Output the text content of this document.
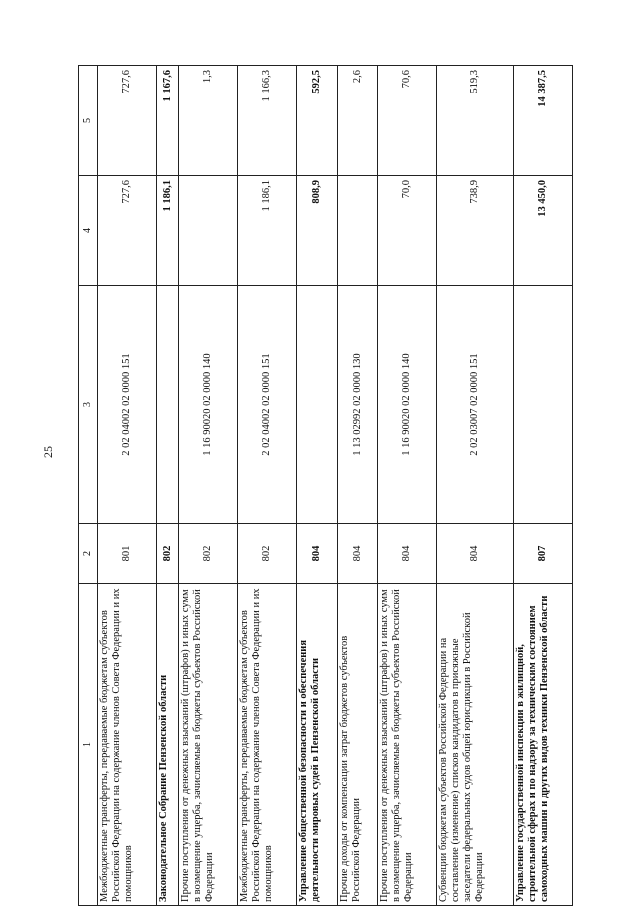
25
1	2	3	4	5
Межбюджетные трансферты, передаваемые бюджетам субъектов Российской Федерации на содержание членов Совета Федерации и их помощников	801	2 02 04002 02 0000 151	727,6	727,6
Законодательное Собрание Пензенской области	802		1 186,1	1 167,6
Прочие поступления от денежных взысканий (штрафов) и иных сумм в возмещение ущерба, зачисляемые в бюджеты субъектов Российской Федерации	802	1 16 90020 02 0000 140		1,3
Межбюджетные трансферты, передаваемые бюджетам субъектов Российской Федерации на содержание членов Совета Федерации и их помощников	802	2 02 04002 02 0000 151	1 186,1	1 166,3
Управление общественной безопасности и обеспечения деятельности мировых судей в Пензенской области	804		808,9	592,5
Прочие доходы от компенсации затрат бюджетов субъектов Российской Федерации	804	1 13 02992 02 0000 130		2,6
Прочие поступления от денежных взысканий (штрафов) и иных сумм в возмещение ущерба, зачисляемые в бюджеты субъектов Российской Федерации	804	1 16 90020 02 0000 140	70,0	70,6
Субвенции бюджетам субъектов Российской Федерации на составление (изменение) списков кандидатов в присяжные заседатели федеральных судов общей юрисдикции в Российской Федерации	804	2 02 03007 02 0000 151	738,9	519,3
Управление государственной инспекции в жилищной, строительной сферах и по надзору за техническим состоянием самоходных машин и других видов техники Пензенской области	807		13 450,0	14 387,5
